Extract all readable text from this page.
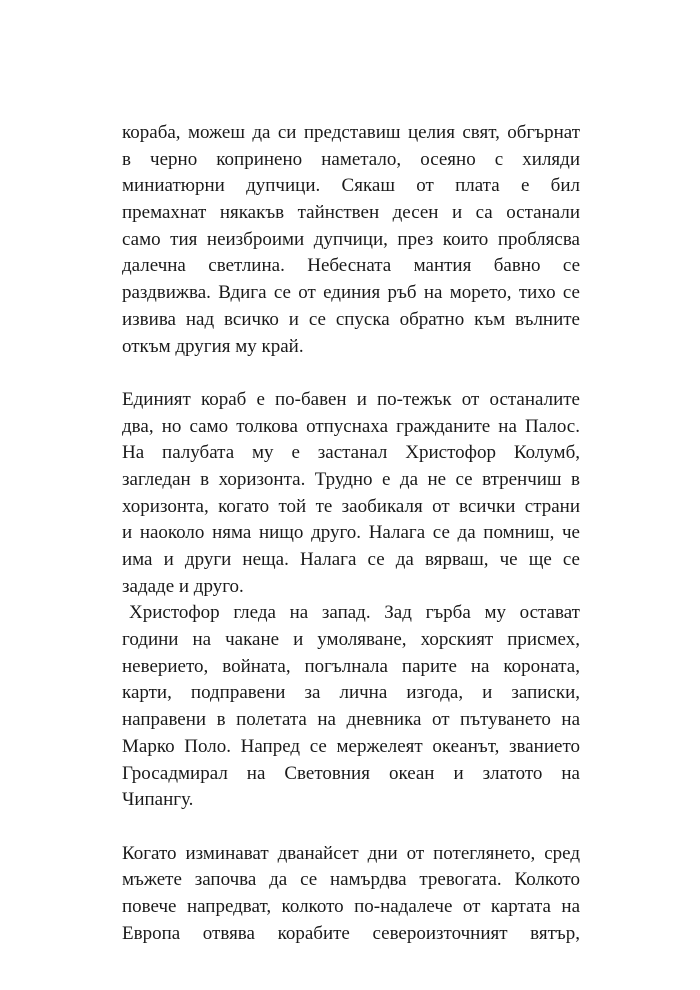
кораба, можеш да си представиш целия свят, обгърнат
в черно копринено наметало, осеяно с хиляди
миниатюрни дупчици. Сякаш от плата е бил
премахнат някакъв тайнствен десен и са останали
само тия неизброими дупчици, през които проблясва
далечна светлина. Небесната мантия бавно се
раздвижва. Вдига се от единия ръб на морето, тихо се
извива над всичко и се спуска обратно към вълните
откъм другия му край.
Единият кораб е по-бавен и по-тежък от останалите
два, но само толкова отпуснаха гражданите на Палос.
На палубата му е застанал Христофор Колумб,
загледан в хоризонта. Трудно е да не се втренчиш в
хоризонта, когато той те заобикаля от всички страни
и наоколо няма нищо друго. Налага се да помниш, че
има и други неща. Налага се да вярваш, че ще се
зададе и друго.
Христофор гледа на запад. Зад гърба му остават
години на чакане и умоляване, хорският присмех,
неверието, войната, погълнала парите на короната,
карти, подправени за лична изгода, и записки,
направени в полетата на дневника от пътуването на
Марко Поло. Напред се мержелеят океанът, званието
Гросадмирал на Световния океан и златото на
Чипангу.
Когато изминават дванайсет дни от потеглянето, сред
мъжете започва да се намърдва тревогата. Колкото
повече напредват, колкото по-надалече от картата на
Европа отвява корабите североизточният вятър,
